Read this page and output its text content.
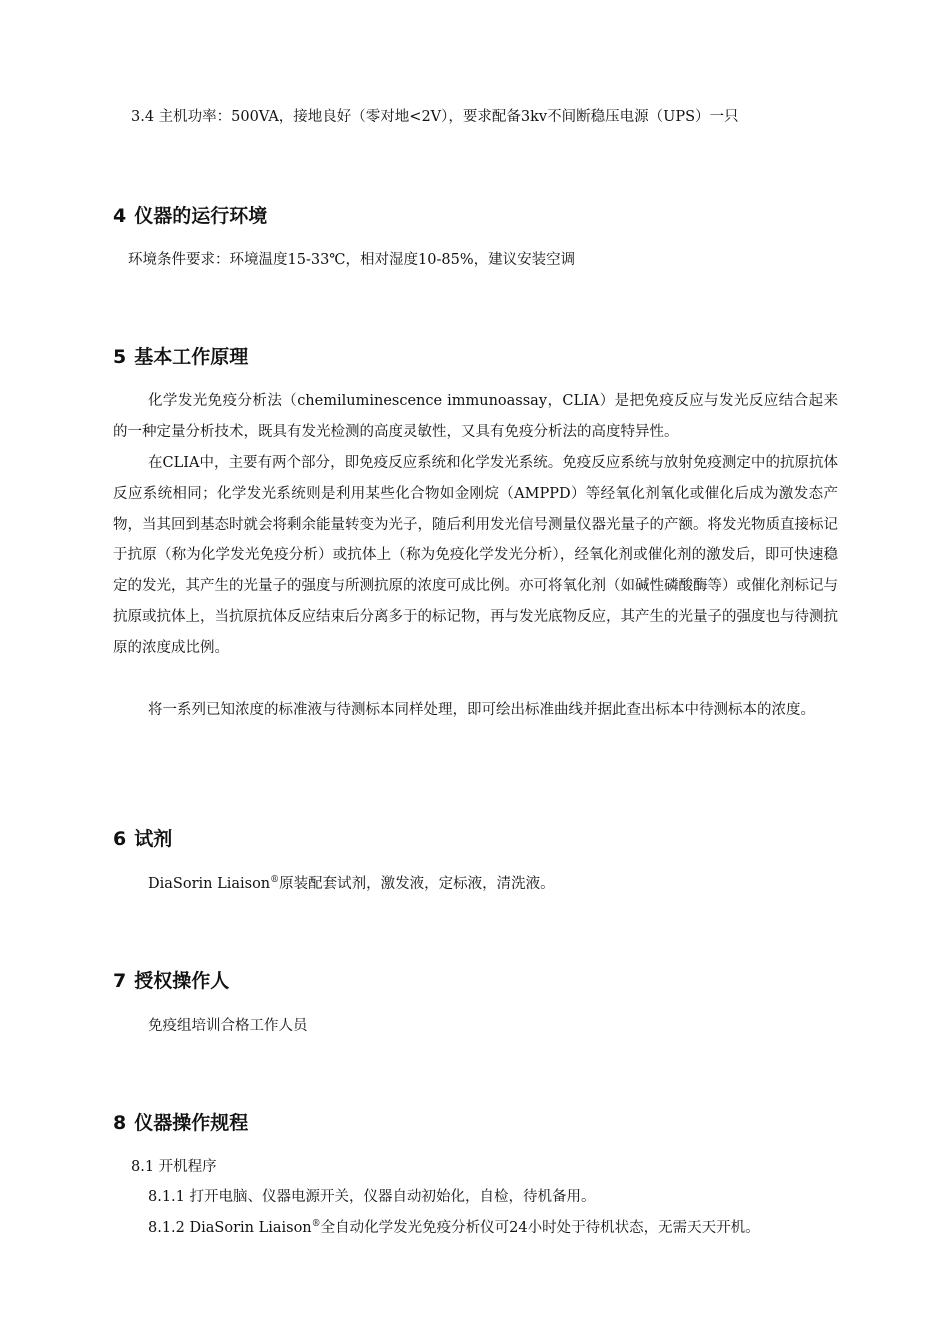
3.4 主机功率：500VA，接地良好（零对地<2V），要求配备3kv不间断稳压电源（UPS）一只
4 仪器的运行环境
环境条件要求：环境温度15-33℃，相对湿度10-85%，建议安装空调
5 基本工作原理
化学发光免疫分析法（chemiluminescence immunoassay，CLIA）是把免疫反应与发光反应结合起来的一种定量分析技术，既具有发光检测的高度灵敏性，又具有免疫分析法的高度特异性。
在CLIA中，主要有两个部分，即免疫反应系统和化学发光系统。免疫反应系统与放射免疫测定中的抗原抗体反应系统相同；化学发光系统则是利用某些化合物如金刚烷（AMPPD）等经氧化剂氧化或催化后成为激发态产物，当其回到基态时就会将剩余能量转变为光子，随后利用发光信号测量仪器光量子的产额。将发光物质直接标记于抗原（称为化学发光免疫分析）或抗体上（称为免疫化学发光分析），经氧化剂或催化剂的激发后，即可快速稳定的发光，其产生的光量子的强度与所测抗原的浓度可成比例。亦可将氧化剂（如碱性磷酸酶等）或催化剂标记与抗原或抗体上，当抗原抗体反应结束后分离多于的标记物，再与发光底物反应，其产生的光量子的强度也与待测抗原的浓度成比例。
将一系列已知浓度的标准液与待测标本同样处理，即可绘出标准曲线并据此查出标本中待测标本的浓度。
6 试剂
DiaSorin Liaison®原装配套试剂，激发液，定标液，清洗液。
7 授权操作人
免疫组培训合格工作人员
8 仪器操作规程
8.1 开机程序
8.1.1 打开电脑、仪器电源开关，仪器自动初始化，自检，待机备用。
8.1.2 DiaSorin Liaison®全自动化学发光免疫分析仪可24小时处于待机状态，无需天天开机。
